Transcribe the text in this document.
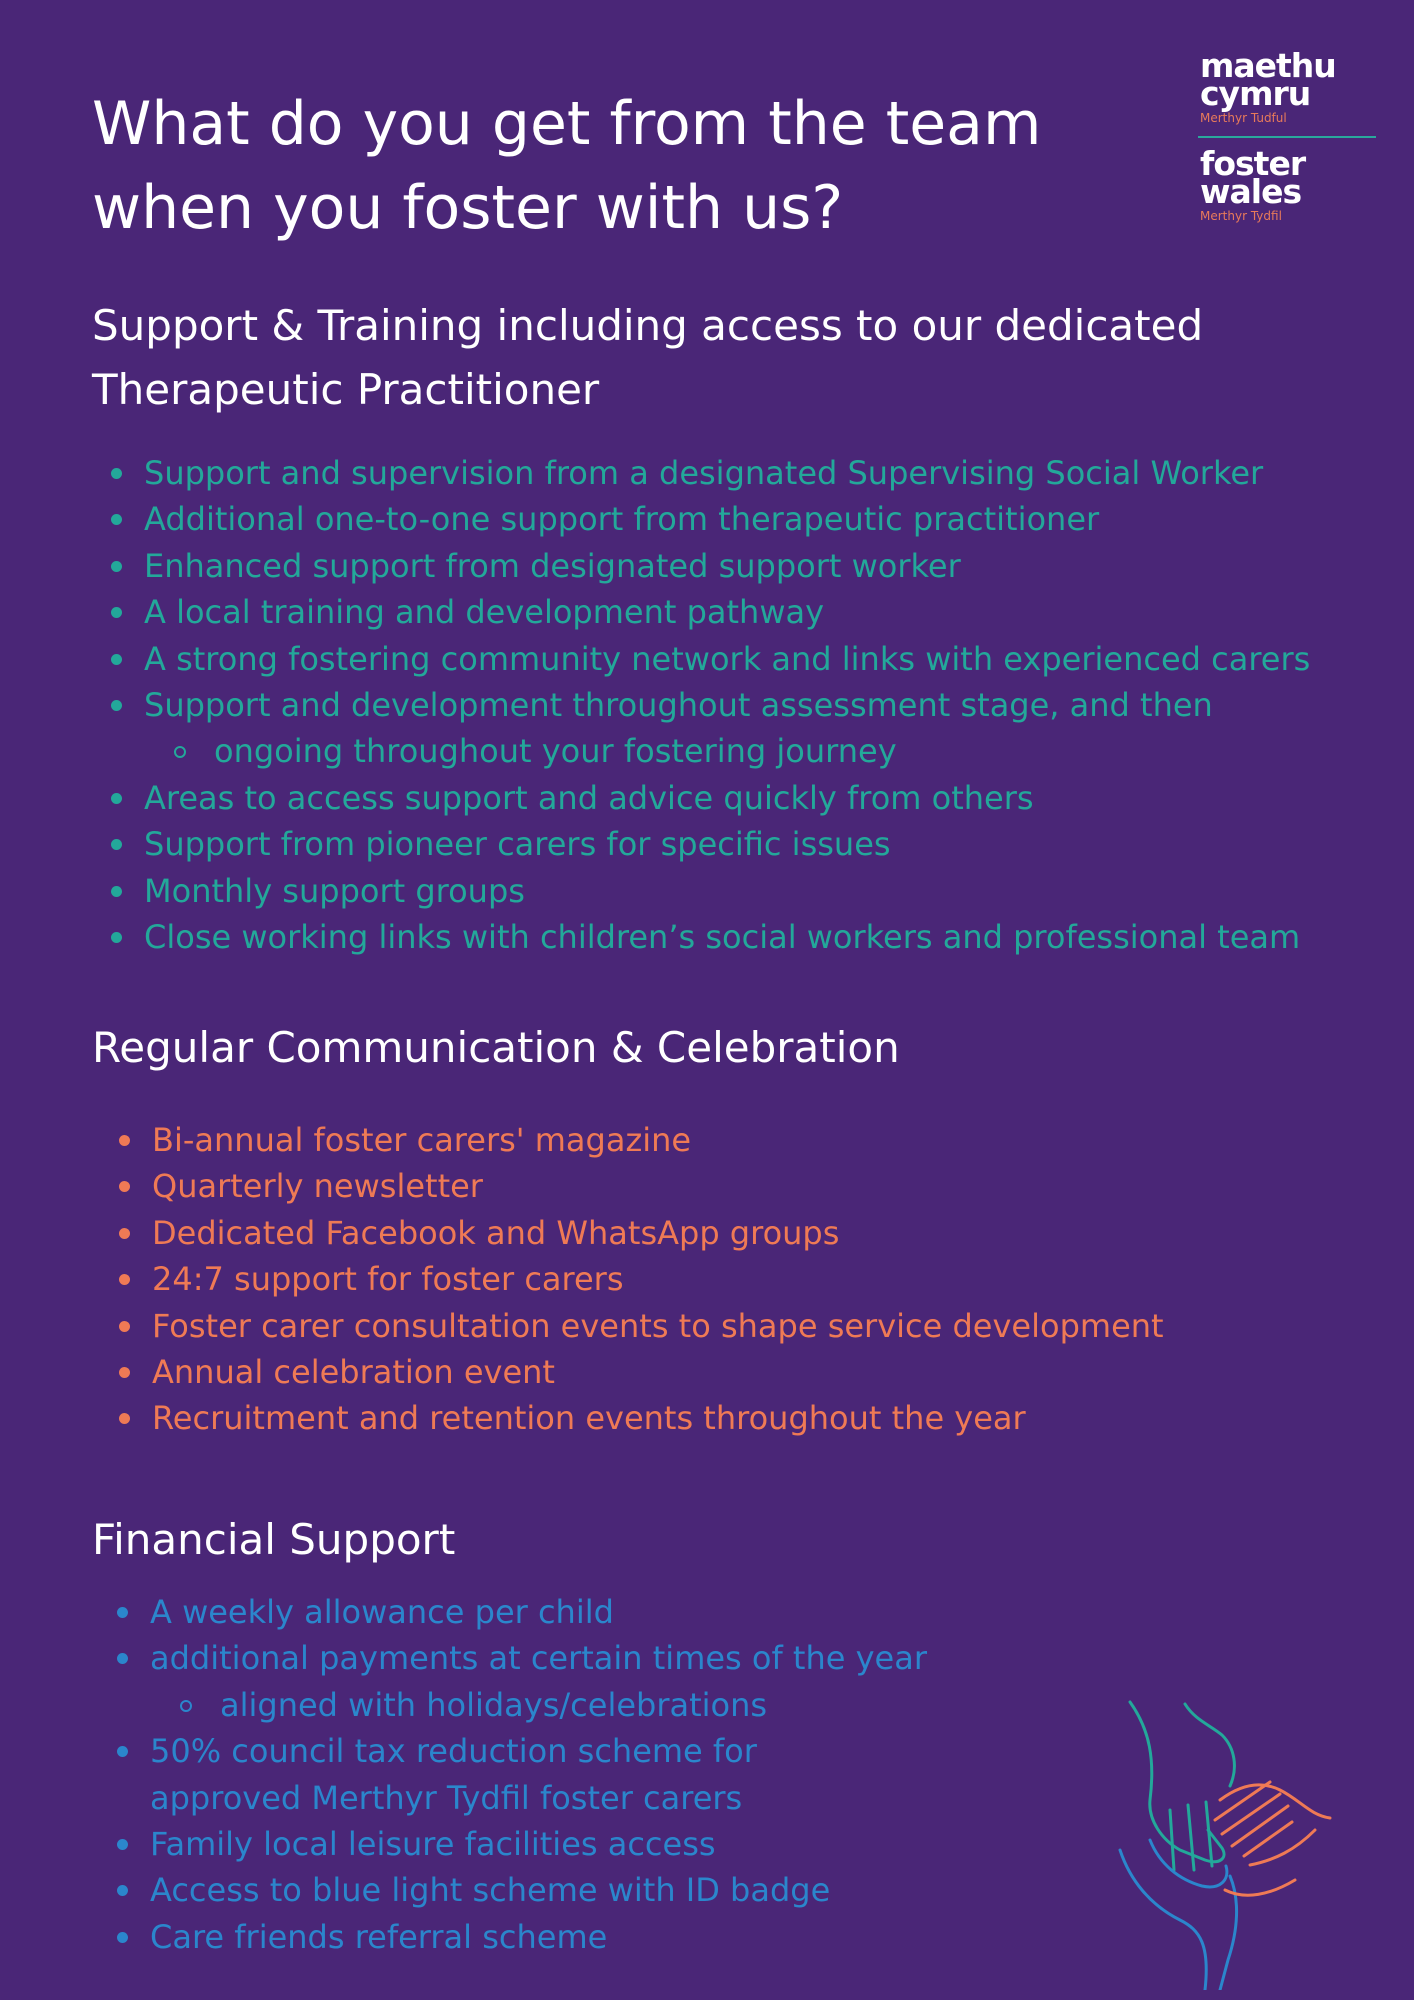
What do you get from the team
when you foster with us?
maethu
cymru
Merthyr Tudful
foster
wales
Merthyr Tydfil
Support & Training including access to our dedicated
Therapeutic Practitioner
Support and supervision from a designated Supervising Social Worker
Additional one-to-one support from therapeutic practitioner
Enhanced support from designated support worker
A local training and development pathway
A strong fostering community network and links with experienced carers
Support and development throughout assessment stage, and then
ongoing throughout your fostering journey
Areas to access support and advice quickly from others
Support from pioneer carers for specific issues
Monthly support groups
Close working links with children’s social workers and professional team
Regular Communication & Celebration
Bi-annual foster carers' magazine
Quarterly newsletter
Dedicated Facebook and WhatsApp groups
24:7 support for foster carers
Foster carer consultation events to shape service development
Annual celebration event
Recruitment and retention events throughout the year
Financial Support
A weekly allowance per child
additional payments at certain times of the year
aligned with holidays/celebrations
50% council tax reduction scheme for approved Merthyr Tydfil foster carers
Family local leisure facilities access
Access to blue light scheme with ID badge
Care friends referral scheme
